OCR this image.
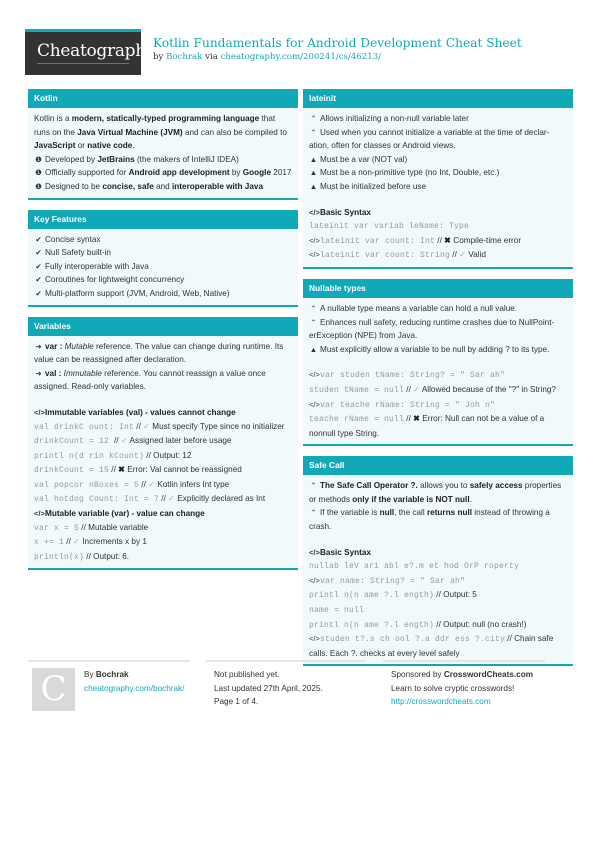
Cheatography
Kotlin Fundamentals for Android Development Cheat Sheet
by Bochrak via cheatography.com/200241/cs/46213/
Kotlin
Kotlin is a modern, statically-typed programming language that runs on the Java Virtual Machine (JVM) and can also be compiled to JavaScript or native code.
❶ Developed by JetBrains (the makers of IntelliJ IDEA)
❶ Officially supported for Android app development by Google 2017
❶ Designed to be concise, safe and interoperable with Java
Key Features
✔ Concise syntax
✔ Null Safety built-in
✔ Fully interoperable with Java
✔ Coroutines for lightweight concurrency
✔ Multi-platform support (JVM, Android, Web, Native)
Variables
➜ var : Mutable reference. The value can change during runtime. Its value can be reassigned after declaration.
➜ val : Immutable reference. You cannot reassign a value once assigned. Read-only variables.
</>Immutable variables (val) - values cannot change
val drinkC ount: Int // ✓ Must specify Type since no initializer
drinkCount = 12 // ✓ Assigned later before usage
printl n(d rin kCount) // Output: 12
drinkCount = 15 // ✖ Error: Val cannot be reassigned
val popcor nBoxes = 5 // ✓ Kotlin infers Int type
val hotdog Count: Int = 7 // ✓ Explicitly declared as Int
</>Mutable variable (var) - value can change
var x = 5 // Mutable variable
x += 1 // ✓ Increments x by 1
println(x) // Output: 6.
lateinit
⌃ Allows initializing a non-null variable later
⌃ Used when you cannot initialize a variable at the time of declar-ation, often for classes or Android views.
▲ Must be a var (NOT val)
▲ Must be a non-primitive type (no Int, Double, etc.)
▲ Must be initialized before use
</>Basic Syntax
lateinit var variab leName: Type
</>lateinit var count: Int // ✖ Compile-time error
</>lateinit var count: String // ✓ Valid
Nullable types
⌃ A nullable type means a variable can hold a null value.
⌃ Enhances null safety, reducing runtime crashes due to NullPoint-erException (NPE) from Java.
▲ Must explicitly allow a variable to be null by adding ? to its type.
</>var studen tName: String? = " Sar ah"
studen tName = null // ✓ Allowed because of the "?" in String?
</>var teache rName: String = " Joh n"
teache rName = null // ✖ Error: Null can not be a value of a nonnull type String.
Safe Call
⌃ The Safe Call Operator ?. allows you to safely access properties or methods only if the variable is NOT null.
⌃ If the variable is null, the call returns null instead of throwing a crash.
</>Basic Syntax
nullab leV ari abl e?.m et hod OrP roperty
</>var name: String? = " Sar ah"
printl n(n ame ?.l ength) // Output: 5
name = null
printl n(n ame ?.l ength) // Output: null (no crash!)
</>studen t?.s ch ool ?.a ddr ess ?.city // Chain safe calls. Each ?. checks at every level safely
C	By Bochrak
cheatography.com/bochrak/
Not published yet.
Last updated 27th April, 2025.
Page 1 of 4.
Sponsored by CrosswordCheats.com
Learn to solve cryptic crosswords!
http://crosswordcheats.com
